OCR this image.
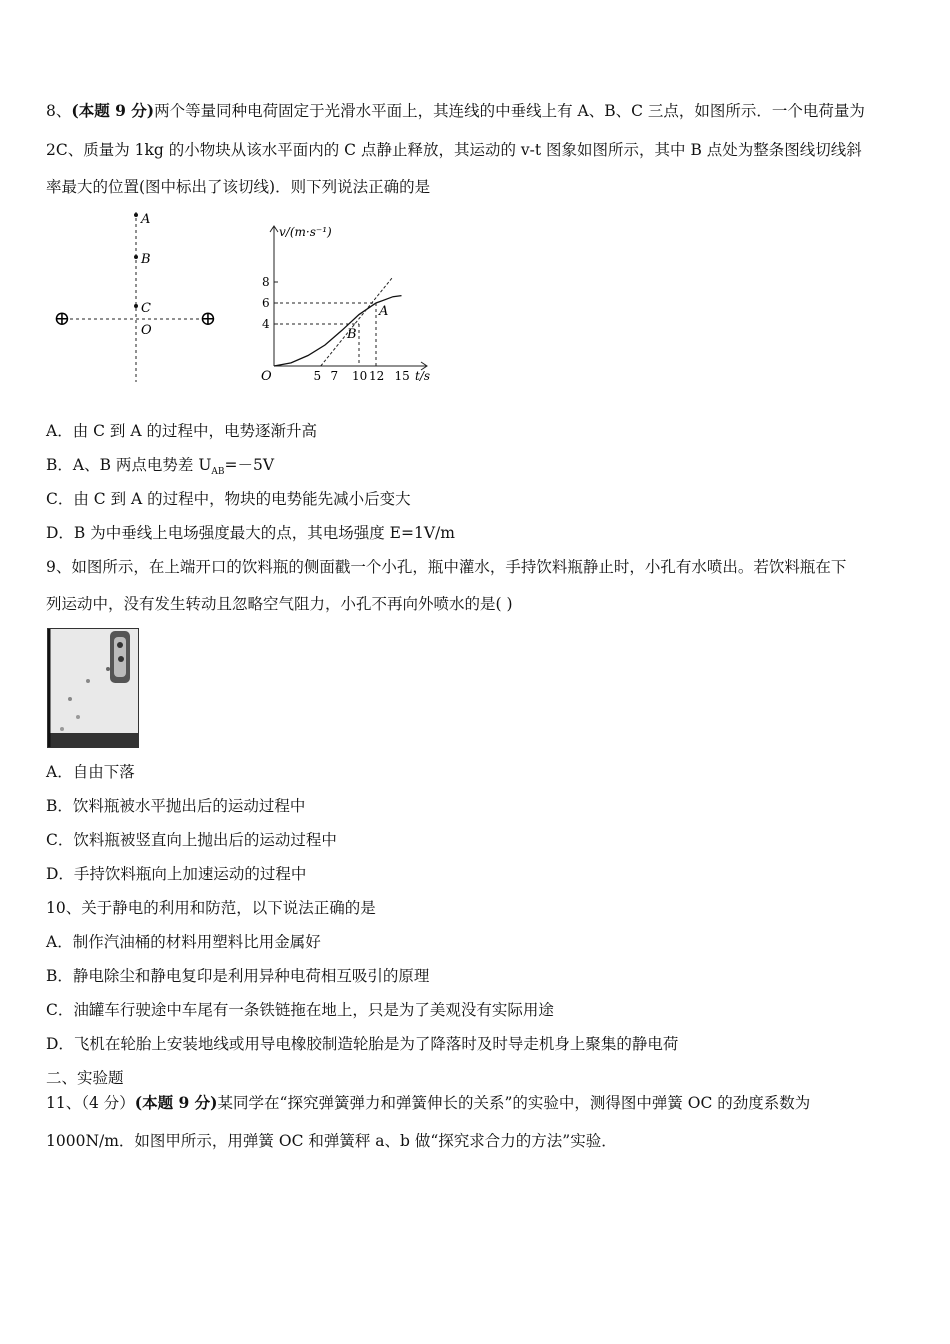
8、(本题 9 分)两个等量同种电荷固定于光滑水平面上，其连线的中垂线上有 A、B、C 三点，如图所示．一个电荷量为
2C、质量为 1kg 的小物块从该水平面内的 C 点静止释放，其运动的 v-t 图象如图所示，其中 B 点处为整条图线切线斜
率最大的位置(图中标出了该切线)．则下列说法正确的是
⊕	⊕
A
B
C
O
8
6
4
5 7 10 12 15
A
B
v/(m·s⁻¹)
t/s
O
A．由 C 到 A 的过程中，电势逐渐升高
B．A、B 两点电势差 $U_{AB}=-5V$
C．由 C 到 A 的过程中，物块的电势能先减小后变大
D．B 为中垂线上电场强度最大的点，其电场强度 E=1V/m
9、如图所示，在上端开口的饮料瓶的侧面戳一个小孔，瓶中灌水，手持饮料瓶静止时，小孔有水喷出。若饮料瓶在下
列运动中，没有发生转动且忽略空气阻力，小孔不再向外喷水的是( )
A．自由下落
B．饮料瓶被水平抛出后的运动过程中
C．饮料瓶被竖直向上抛出后的运动过程中
D．手持饮料瓶向上加速运动的过程中
10、关于静电的利用和防范，以下说法正确的是
A．制作汽油桶的材料用塑料比用金属好
B．静电除尘和静电复印是利用异种电荷相互吸引的原理
C．油罐车行驶途中车尾有一条铁链拖在地上，只是为了美观没有实际用途
D．飞机在轮胎上安装地线或用导电橡胶制造轮胎是为了降落时及时导走机身上聚集的静电荷
二、实验题
11、（4 分）(本题 9 分)某同学在“探究弹簧弹力和弹簧伸长的关系”的实验中，测得图中弹簧 OC 的劲度系数为
1000N/m．如图甲所示，用弹簧 OC 和弹簧秤 a、b 做“探究求合力的方法”实验．
